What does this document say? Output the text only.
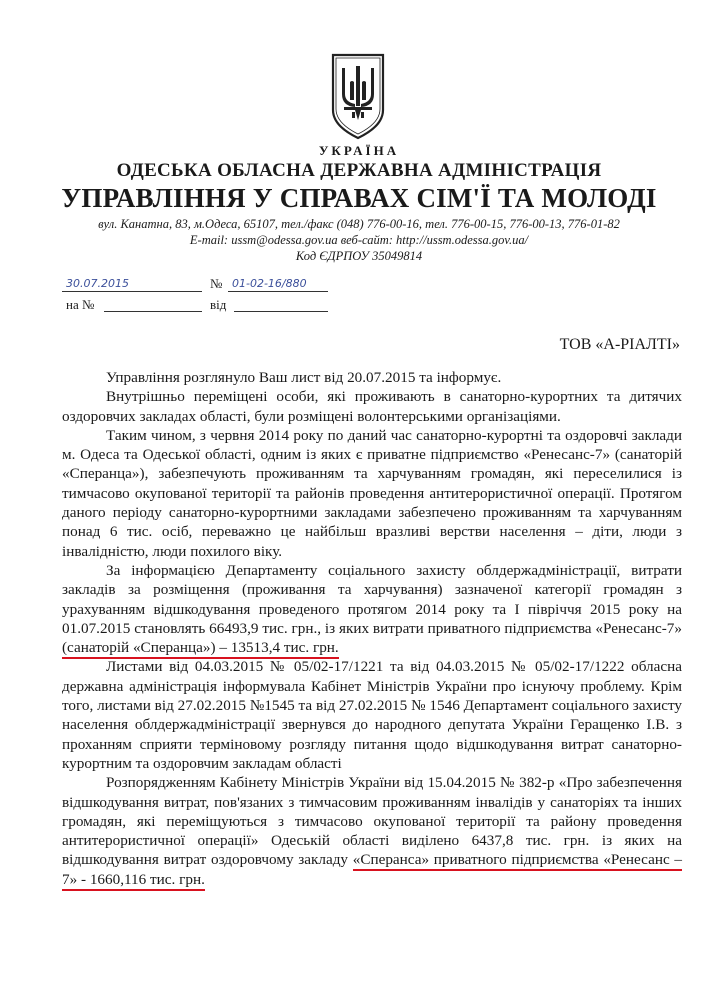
УКРАЇНА
ОДЕСЬКА ОБЛАСНА ДЕРЖАВНА АДМІНІСТРАЦІЯ
УПРАВЛІННЯ У СПРАВАХ СІМ'Ї ТА МОЛОДІ
вул. Канатна, 83, м.Одеса, 65107, тел./факс (048) 776-00-16, тел. 776-00-15, 776-00-13, 776-01-82
E-mail: ussm@odessa.gov.ua веб-сайт: http://ussm.odessa.gov.ua/
Код ЄДРПОУ 35049814
30.07.2015	№ 01-02-16/880
на №	від
ТОВ «А-РІАЛТІ»

Управління розглянуло Ваш лист від 20.07.2015 та інформує.

Внутрішньо переміщені особи, які проживають в санаторно-курортних та дитячих оздоровчих закладах області, були розміщені волонтерськими організаціями.

Таким чином, з червня 2014 року по даний час санаторно-курортні та оздоровчі заклади м. Одеса та Одеської області, одним із яких є приватне підприємство «Ренесанс-7» (санаторій «Сперанца»), забезпечують проживанням та харчуванням громадян, які переселилися із тимчасово окупованої території та районів проведення антитерористичної операції. Протягом даного періоду санаторно-курортними закладами забезпечено проживанням та харчуванням понад 6 тис. осіб, переважно це найбільш вразливі верстви населення – діти, люди з інвалідністю, люди похилого віку.

За інформацією Департаменту соціального захисту облдержадміністрації, витрати закладів за розміщення (проживання та харчування) зазначеної категорії громадян з урахуванням відшкодування проведеного протягом 2014 року та І півріччя 2015 року на 01.07.2015 становлять 66493,9 тис. грн., із яких витрати приватного підприємства «Ренесанс-7» (санаторій «Сперанца») – 13513,4 тис. грн.

Листами від 04.03.2015 № 05/02-17/1221 та від 04.03.2015 № 05/02-17/1222 обласна державна адміністрація інформувала Кабінет Міністрів України про існуючу проблему. Крім того, листами від 27.02.2015 №1545 та від 27.02.2015 № 1546 Департамент соціального захисту населення облдержадміністрації звернувся до народного депутата України Геращенко І.В. з проханням сприяти терміновому розгляду питання щодо відшкодування витрат санаторно-курортним та оздоровчим закладам області

Розпорядженням Кабінету Міністрів України від 15.04.2015 № 382-р «Про забезпечення відшкодування витрат, пов'язаних з тимчасовим проживанням інвалідів у санаторіях та інших громадян, які переміщуються з тимчасово окупованої території та району проведення антитерористичної операції» Одеській області виділено 6437,8 тис. грн. із яких на відшкодування витрат оздоровчому закладу «Сперанса» приватного підприємства «Ренесанс – 7» - 1660,116 тис. грн.
